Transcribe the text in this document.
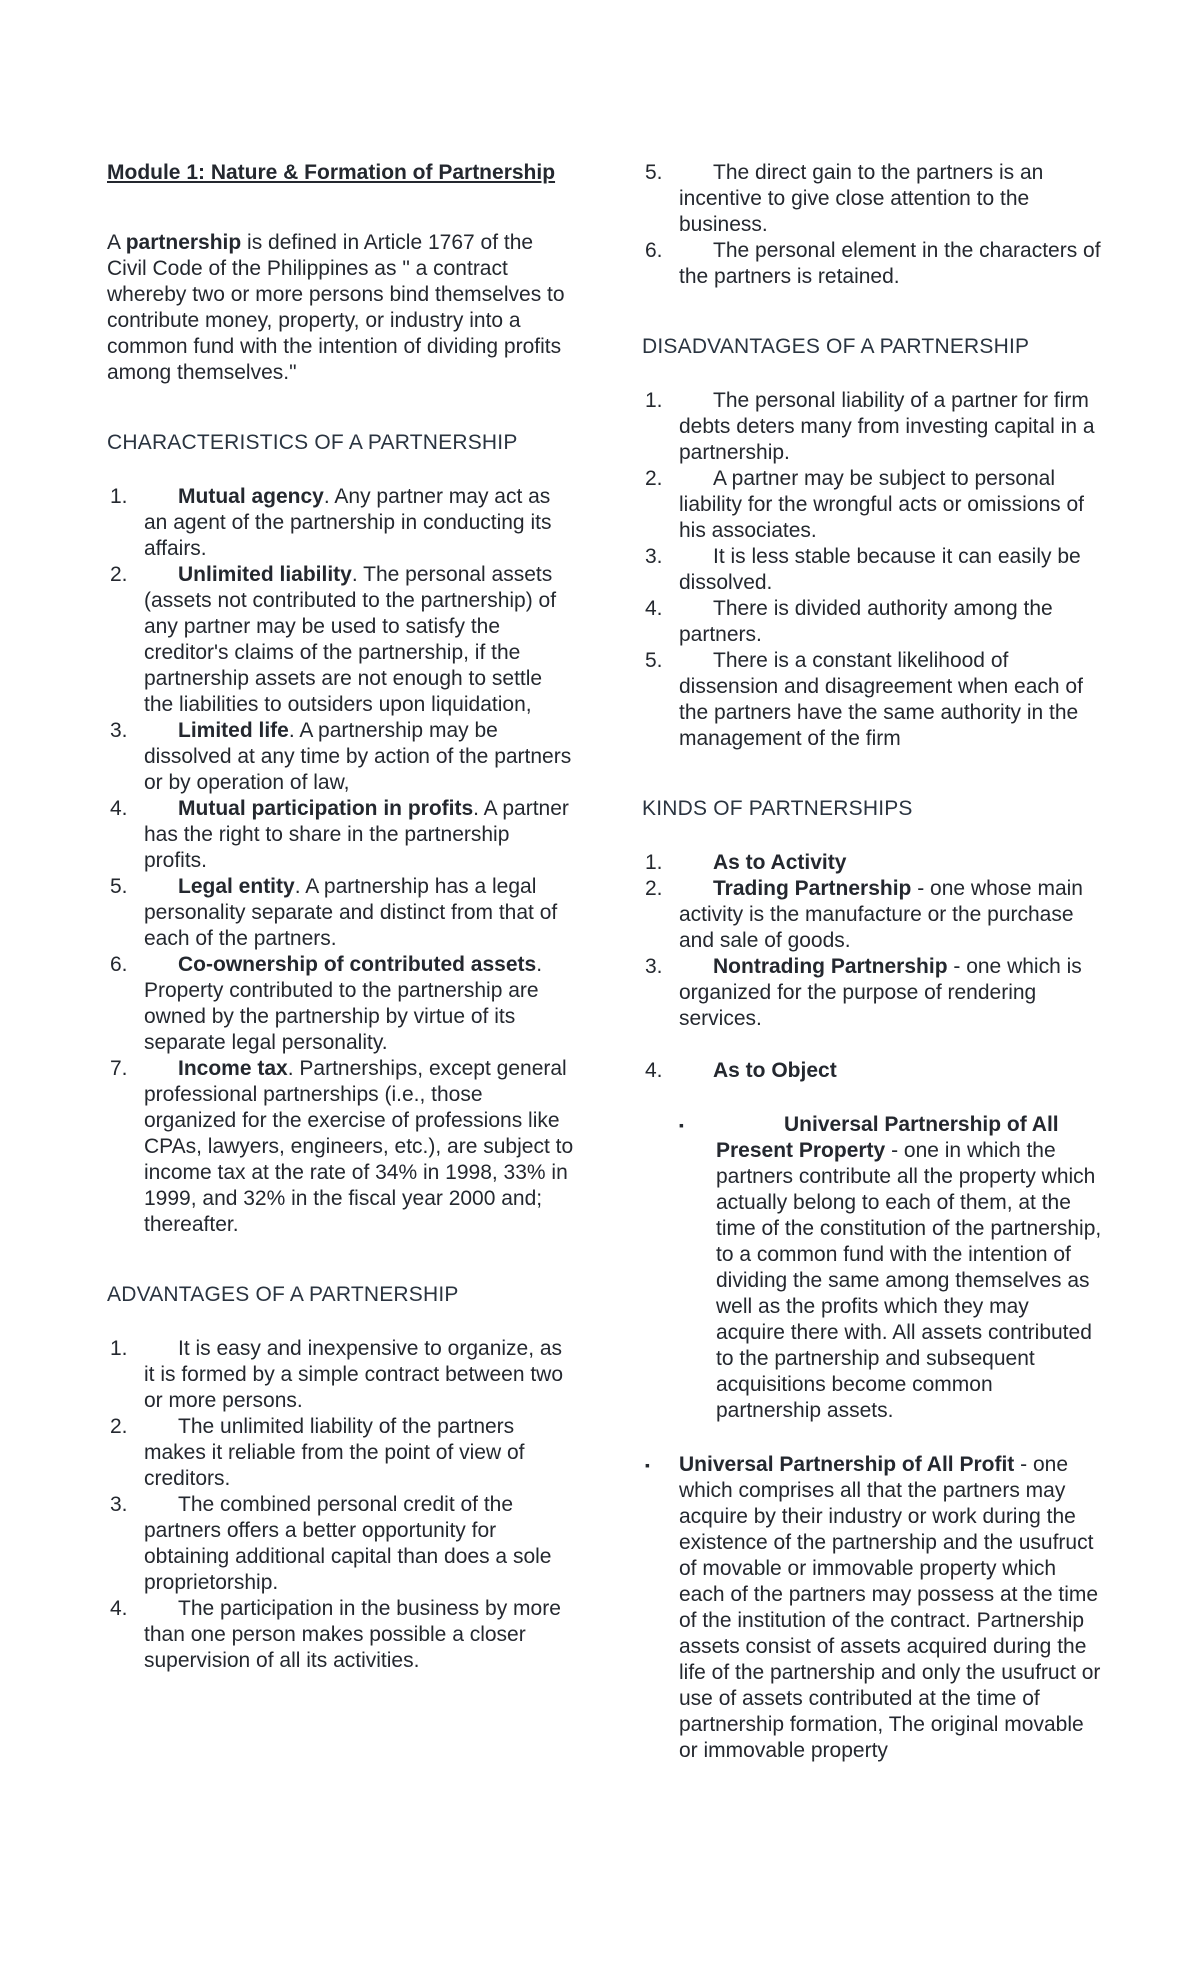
Module 1: Nature & Formation of Partnership

A partnership is defined in Article 1767 of the Civil Code of the Philippines as " a contract whereby two or more persons bind themselves to contribute money, property, or industry into a common fund with the intention of dividing profits among themselves."

CHARACTERISTICS OF A PARTNERSHIP
1. Mutual agency. Any partner may act as an agent of the partnership in conducting its affairs.
2. Unlimited liability. The personal assets (assets not contributed to the partnership) of any partner may be used to satisfy the creditor's claims of the partnership, if the partnership assets are not enough to settle the liabilities to outsiders upon liquidation,
3. Limited life. A partnership may be dissolved at any time by action of the partners or by operation of law,
4. Mutual participation in profits. A partner has the right to share in the partnership profits.
5. Legal entity. A partnership has a legal personality separate and distinct from that of each of the partners.
6. Co-ownership of contributed assets. Property contributed to the partnership are owned by the partnership by virtue of its separate legal personality.
7. Income tax. Partnerships, except general professional partnerships (i.e., those organized for the exercise of professions like CPAs, lawyers, engineers, etc.), are subject to income tax at the rate of 34% in 1998, 33% in 1999, and 32% in the fiscal year 2000 and; thereafter.
ADVANTAGES OF A PARTNERSHIP
1. It is easy and inexpensive to organize, as it is formed by a simple contract between two or more persons.
2. The unlimited liability of the partners makes it reliable from the point of view of creditors.
3. The combined personal credit of the partners offers a better opportunity for obtaining additional capital than does a sole proprietorship.
4. The participation in the business by more than one person makes possible a closer supervision of all its activities.
5. The direct gain to the partners is an incentive to give close attention to the business.
6. The personal element in the characters of the partners is retained.
DISADVANTAGES OF A PARTNERSHIP
1. The personal liability of a partner for firm debts deters many from investing capital in a partnership.
2. A partner may be subject to personal liability for the wrongful acts or omissions of his associates.
3. It is less stable because it can easily be dissolved.
4. There is divided authority among the partners.
5. There is a constant likelihood of dissension and disagreement when each of the partners have the same authority in the management of the firm
KINDS OF PARTNERSHIPS
1. As to Activity
2. Trading Partnership - one whose main activity is the manufacture or the purchase and sale of goods.
3. Nontrading Partnership - one which is organized for the purpose of rendering services.
4. As to Object
▪	Universal Partnership of All Present Property - one in which the partners contribute all the property which actually belong to each of them, at the time of the constitution of the partnership, to a common fund with the intention of dividing the same among themselves as well as the profits which they may acquire there with. All assets contributed to the partnership and subsequent acquisitions become common partnership assets.
▪ Universal Partnership of All Profit - one which comprises all that the partners may acquire by their industry or work during the existence of the partnership and the usufruct of movable or immovable property which each of the partners may possess at the time of the institution of the contract. Partnership assets consist of assets acquired during the life of the partnership and only the usufruct or use of assets contributed at the time of partnership formation, The original movable or immovable property
